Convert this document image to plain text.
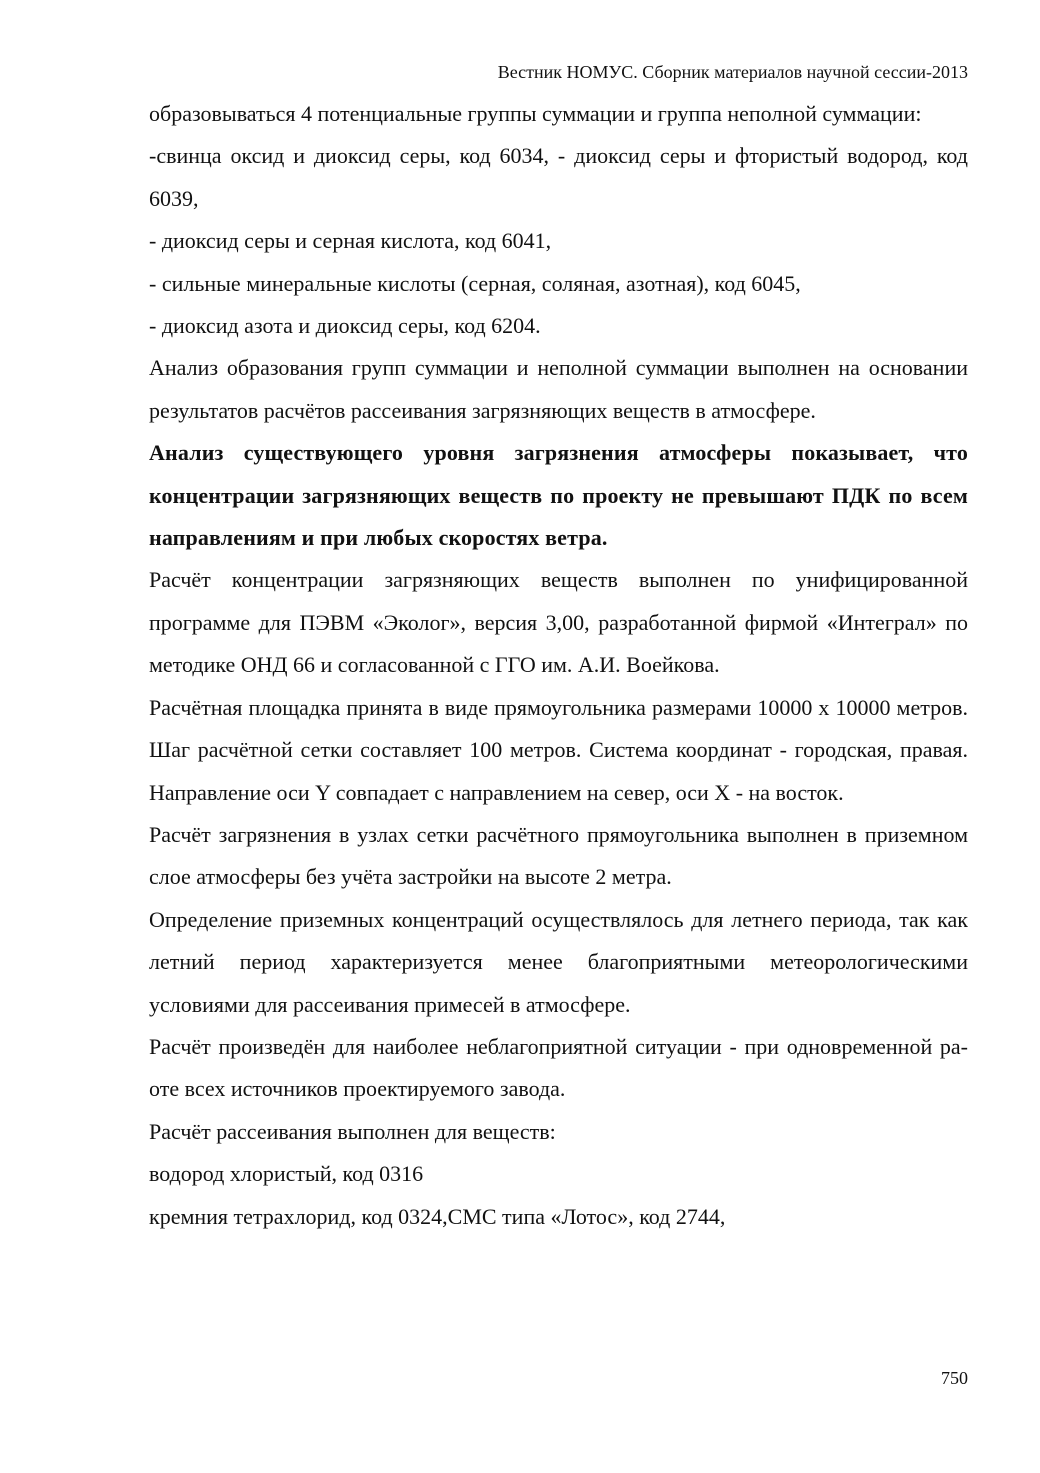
Вестник НОМУС. Сборник материалов научной сессии-2013

образовываться 4 потенциальные группы суммации и группа неполной суммации:

-свинца оксид и диоксид серы, код 6034, - диоксид серы и фтористый водород, код 6039,

- диоксид серы и серная кислота, код 6041,

- сильные минеральные кислоты (серная, соляная, азотная), код 6045,

- диоксид азота и диоксид серы, код 6204.

Анализ образования групп суммации и неполной суммации выполнен на основании результатов расчётов рассеивания загрязняющих веществ в атмосфере.

Анализ существующего уровня загрязнения атмосферы показывает, что концентрации загрязняющих веществ по проекту не превышают ПДК по всем направлениям и при любых скоростях ветра.

Расчёт концентрации загрязняющих веществ выполнен по унифицированной программе для ПЭВМ «Эколог», версия 3,00, разработанной фирмой «Интеграл» по методике ОНД 66 и согласованной с ГГО им. А.И. Воейкова.

Расчётная площадка принята в виде прямоугольника размерами 10000 х 10000 метров. Шаг расчётной сетки составляет 100 метров. Система координат - городская, правая. Направление оси Y совпадает с направлением на север, оси X - на восток.

Расчёт загрязнения в узлах сетки расчётного прямоугольника выполнен в приземном слое атмосферы без учёта застройки на высоте 2 метра.

Определение приземных концентраций осуществлялось для летнего периода, так как летний период характеризуется менее благоприятными метеорологическими условиями для рассеивания примесей в атмосфере.

Расчёт произведён для наиболее неблагоприятной ситуации - при одновременной ра-оте всех источников проектируемого завода.

Расчёт рассеивания выполнен для веществ:

водород хлористый, код 0316

кремния тетрахлорид, код 0324,СМС типа «Лотос», код 2744,

750
